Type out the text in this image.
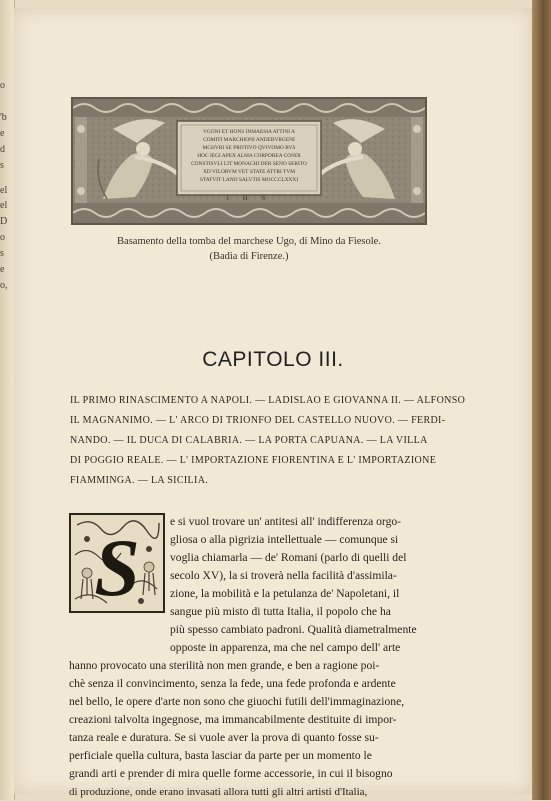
o
'b
e
d
s
el
el
D
o
s
e
o,
VGONI ET HONS INMAESIA ATTINI A
COMITI MARCHIONI ANDEBVRGENI
MCHVRI SE PROTIVO QVIVOMO RVS
HOC IEGI APEX ALMA CORPOREA CONDI
CONSTISVLI LIT MONACHI DER SENO SERITO
XD VILORVM VET STATE ATTRI TVM
STATVIT LANO SALVTIS MOCCCLXXXI
I H S
Basamento della tomba del marchese Ugo, di Mino da Fiesole.
(Badia di Firenze.)
CAPITOLO III.
IL PRIMO RINASCIMENTO A NAPOLI. — LADISLAO E GIOVANNA II. — ALFONSO
IL MAGNANIMO. — L' ARCO DI TRIONFO DEL CASTELLO NUOVO. — FERDI-
NANDO. — IL DUCA DI CALABRIA. — LA PORTA CAPUANA. — LA VILLA
DI POGGIO REALE. — L' IMPORTAZIONE FIORENTINA E L' IMPORTAZIONE
FIAMMINGA. — LA SICILIA.
S
e si vuol trovare un' antitesi all' indifferenza orgo-
gliosa o alla pigrizia intellettuale — comunque si
voglia chiamarla — de' Romani (parlo di quelli del
secolo XV), la si troverà nella facilità d'assimila-
zione, la mobilità e la petulanza de' Napoletani, il
sangue più misto di tutta Italia, il popolo che ha
più spesso cambiato padroni. Qualità diametralmente
opposte in apparenza, ma che nel campo dell' arte
hanno provocato una sterilità non men grande, e ben a ragione poi-
chè senza il convincimento, senza la fede, una fede profonda e ardente
nel bello, le opere d'arte non sono che giuochi futili dell'immaginazione,
creazioni talvolta ingegnose, ma immancabilmente destituite di impor-
tanza reale e duratura. Se si vuole aver la prova di quanto fosse su-
perficiale quella cultura, basta lasciar da parte per un momento le
grandi arti e prender di mira quelle forme accessorie, in cui il bisogno
di produzione, onde erano invasati allora tutti gli altri artisti d'Italia,
